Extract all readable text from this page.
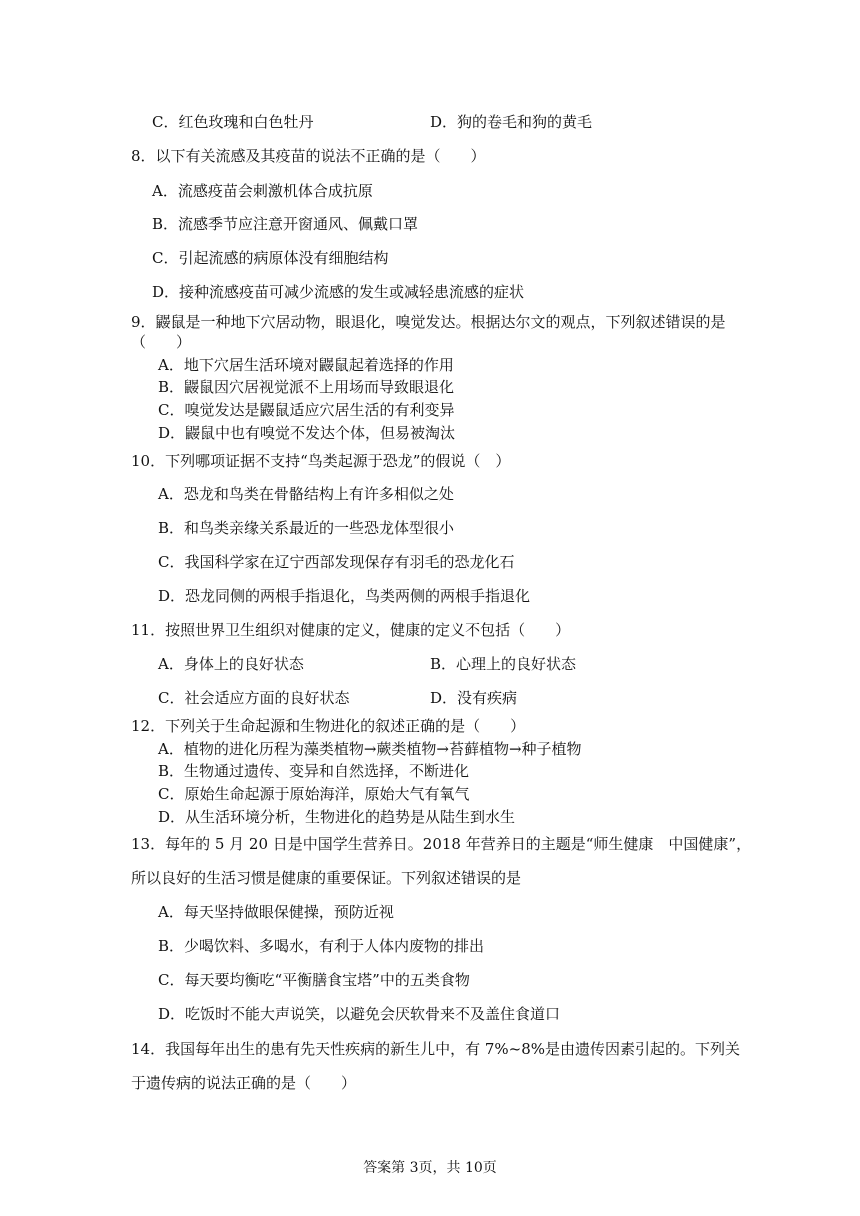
C．红色玫瑰和白色牡丹	D．狗的卷毛和狗的黄毛
8．以下有关流感及其疫苗的说法不正确的是（　　）
A．流感疫苗会刺激机体合成抗原
B．流感季节应注意开窗通风、佩戴口罩
C．引起流感的病原体没有细胞结构
D．接种流感疫苗可减少流感的发生或减轻患流感的症状
9．鼹鼠是一种地下穴居动物，眼退化，嗅觉发达。根据达尔文的观点，下列叙述错误的是
（　　）
A．地下穴居生活环境对鼹鼠起着选择的作用
B．鼹鼠因穴居视觉派不上用场而导致眼退化
C．嗅觉发达是鼹鼠适应穴居生活的有利变异
D．鼹鼠中也有嗅觉不发达个体，但易被淘汰
10．下列哪项证据不支持“鸟类起源于恐龙”的假说（　）
A．恐龙和鸟类在骨骼结构上有许多相似之处
B．和鸟类亲缘关系最近的一些恐龙体型很小
C．我国科学家在辽宁西部发现保存有羽毛的恐龙化石
D．恐龙同侧的两根手指退化，鸟类两侧的两根手指退化
11．按照世界卫生组织对健康的定义，健康的定义不包括（　　）
A．身体上的良好状态	B．心理上的良好状态
C．社会适应方面的良好状态	D．没有疾病
12．下列关于生命起源和生物进化的叙述正确的是（　　）
A．植物的进化历程为藻类植物→蕨类植物→苔藓植物→种子植物
B．生物通过遗传、变异和自然选择，不断进化
C．原始生命起源于原始海洋，原始大气有氧气
D．从生活环境分析，生物进化的趋势是从陆生到水生
13．每年的 5 月 20 日是中国学生营养日。2018 年营养日的主题是“师生健康　中国健康”，
所以良好的生活习惯是健康的重要保证。下列叙述错误的是
A．每天坚持做眼保健操，预防近视
B．少喝饮料、多喝水，有利于人体内废物的排出
C．每天要均衡吃“平衡膳食宝塔”中的五类食物
D．吃饭时不能大声说笑，以避免会厌软骨来不及盖住食道口
14．我国每年出生的患有先天性疾病的新生儿中，有 7%~8%是由遗传因素引起的。下列关
于遗传病的说法正确的是（　　）
答案第 3页，共 10页
